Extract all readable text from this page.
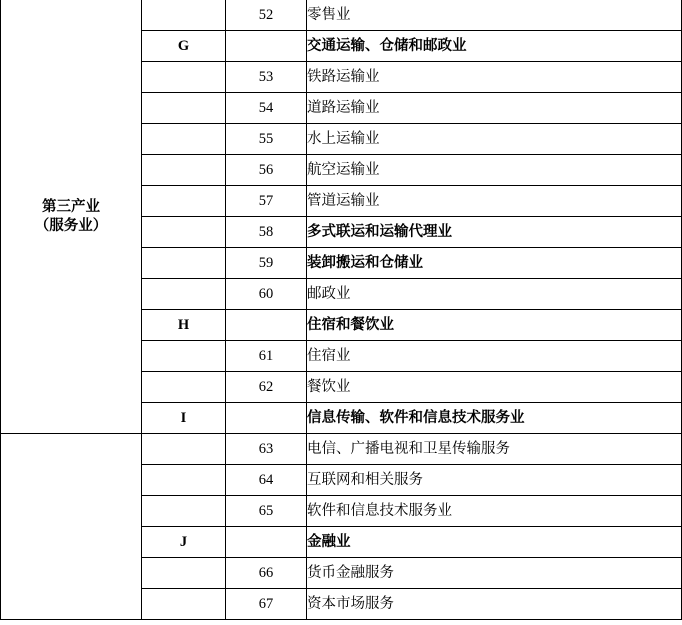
第三产业
（服务业）		52	零售业
	G		交通运输、仓储和邮政业
		53	铁路运输业
		54	道路运输业
		55	水上运输业
		56	航空运输业
		57	管道运输业
		58	多式联运和运输代理业
		59	装卸搬运和仓储业
		60	邮政业
	H		住宿和餐饮业
		61	住宿业
		62	餐饮业
	I		信息传输、软件和信息技术服务业
		63	电信、广播电视和卫星传输服务
		64	互联网和相关服务
		65	软件和信息技术服务业
	J		金融业
		66	货币金融服务
		67	资本市场服务
